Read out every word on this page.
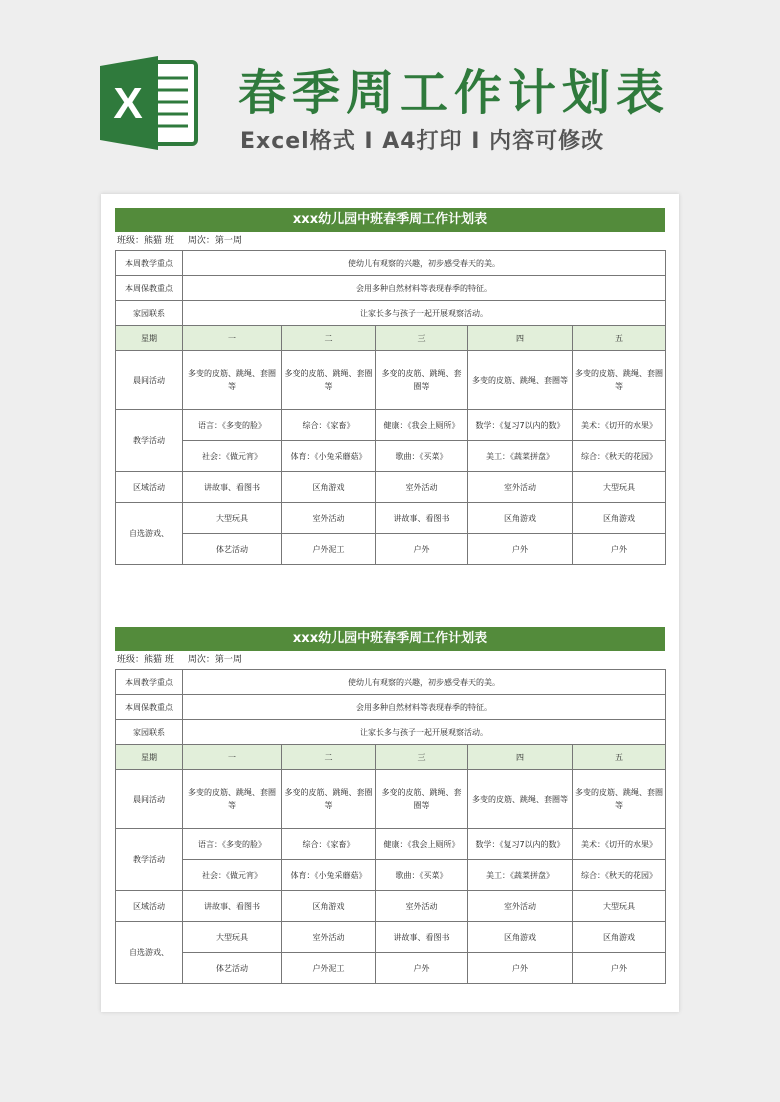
X 春季周工作计划表
Excel格式 I A4打印 I 内容可修改
xxx幼儿园中班春季周工作计划表
班级：熊猫 班 周次：第一周
本周教学重点	使幼儿有观察的兴趣，初步感受春天的美。				
本周保教重点	会用多种自然材料等表现春季的特征。				
家园联系	让家长多与孩子一起开展观察活动。				
星期	一	二	三	四	五
晨间活动	多变的皮筋、跳绳、套圈等	多变的皮筋、跳绳、套圈等	多变的皮筋、跳绳、套圈等	多变的皮筋、跳绳、套圈等	多变的皮筋、跳绳、套圈等
教学活动	语言：《多变的脸》	综合：《家畜》	健康：《我会上厕所》	数学：《复习7以内的数》	美术：《切开的水果》
	社会：《做元宵》	体育：《小兔采蘑菇》	歌曲：《买菜》	美工：《蔬菜拼盘》	综合：《秋天的花园》
区域活动	讲故事、看图书	区角游戏	室外活动	室外活动	大型玩具
自选游戏、	大型玩具	室外活动	讲故事、看图书	区角游戏	区角游戏
	体艺活动	户外泥工	户外	户外	户外
xxx幼儿园中班春季周工作计划表
班级：熊猫 班 周次：第一周
本周教学重点	使幼儿有观察的兴趣，初步感受春天的美。				
本周保教重点	会用多种自然材料等表现春季的特征。				
家园联系	让家长多与孩子一起开展观察活动。				
星期	一	二	三	四	五
晨间活动	多变的皮筋、跳绳、套圈等	多变的皮筋、跳绳、套圈等	多变的皮筋、跳绳、套圈等	多变的皮筋、跳绳、套圈等	多变的皮筋、跳绳、套圈等
教学活动	语言：《多变的脸》	综合：《家畜》	健康：《我会上厕所》	数学：《复习7以内的数》	美术：《切开的水果》
	社会：《做元宵》	体育：《小兔采蘑菇》	歌曲：《买菜》	美工：《蔬菜拼盘》	综合：《秋天的花园》
区域活动	讲故事、看图书	区角游戏	室外活动	室外活动	大型玩具
自选游戏、	大型玩具	室外活动	讲故事、看图书	区角游戏	区角游戏
	体艺活动	户外泥工	户外	户外	户外
